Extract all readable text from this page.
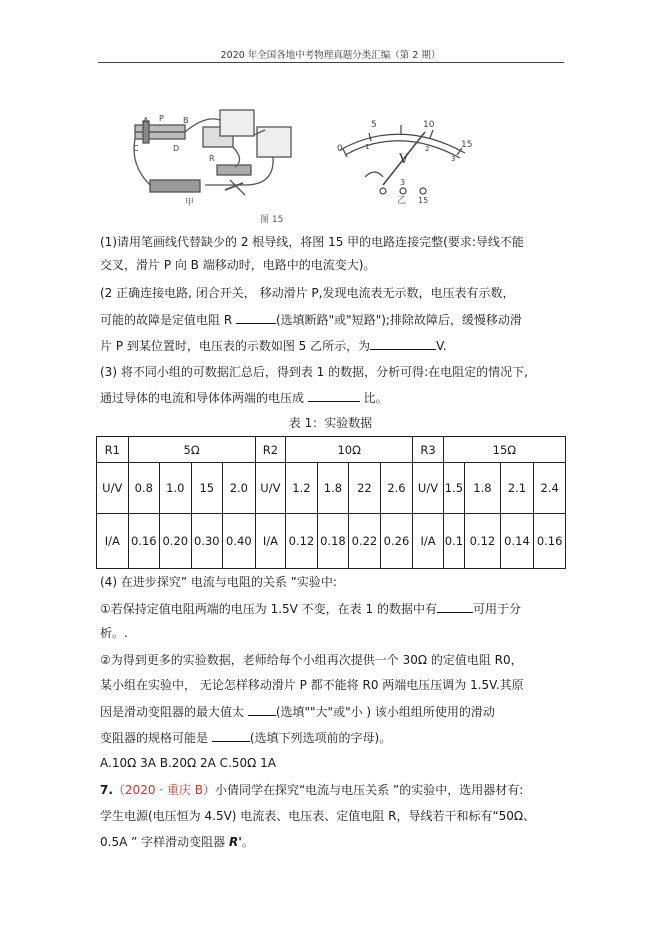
2020 年全国各地中考物理真题分类汇编（第 2 期）
A P B
C	D
R
甲
0
5	10
15
1	2
3
V
3
15
乙
图 15
(1)请用笔画线代替缺少的 2 根导线，将图 15 甲的电路连接完整(要求:导线不能
交叉，滑片 P 向 B 端移动时，电路中的电流变大)。
(2 正确连接电路, 闭合开关， 移动滑片 P,发现电流表无示数，电压表有示数，
可能的故障是定值电阻 R	(选填断路"或"短路");排除故障后，缓慢移动滑
片 P 到某位置时，电压表的示数如图 5 乙所示，为	V.
(3) 将不同小组的可数据汇总后，得到表 1 的数据，分析可得:在电阻定的情况下,
通过导体的电流和导体体两端的电压成	比。
表 1：实验数据
R1	5Ω				R2	10Ω				R3	15Ω			

U/V	0.8	1.0	15	2.0	U/V	1.2	1.8	22	2.6	U/V	1.5	1.8	2.1	2.4
I/A	0.16	0.20	0.30	0.40	I/A	0.12	0.18	0.22	0.26	I/A	0.1	0.12	0.14	0.16
(4) 在进步探究” 电流与电阻的关系 ”实验中:
①若保持定值电阻两端的电压为 1.5V 不变，在表 1 的数据中有	可用于分
析。.
②为得到更多的实验数据，老师给每个小组再次提供一个 30Ω 的定值电阻 R0，
某小组在实验中， 无论怎样移动滑片 P 都不能将 R0 两端电压压调为 1.5V.其原
因是滑动变阻器的最大值太 (选填""大"或"小 ) 该小组组所使用的滑动
变阻器的规格可能是	(选填下列选项前的字母)。
A.10Ω 3A B.20Ω 2A C.50Ω 1A
7.（2020 · 重庆 B）小倩同学在探究“电流与电压关系 ”的实验中，选用器材有:
学生电源(电压恒为 4.5V) 电流表、电压表、定值电阻 R，导线若干和标有“50Ω、
0.5A ” 字样滑动变阻器 R'。
